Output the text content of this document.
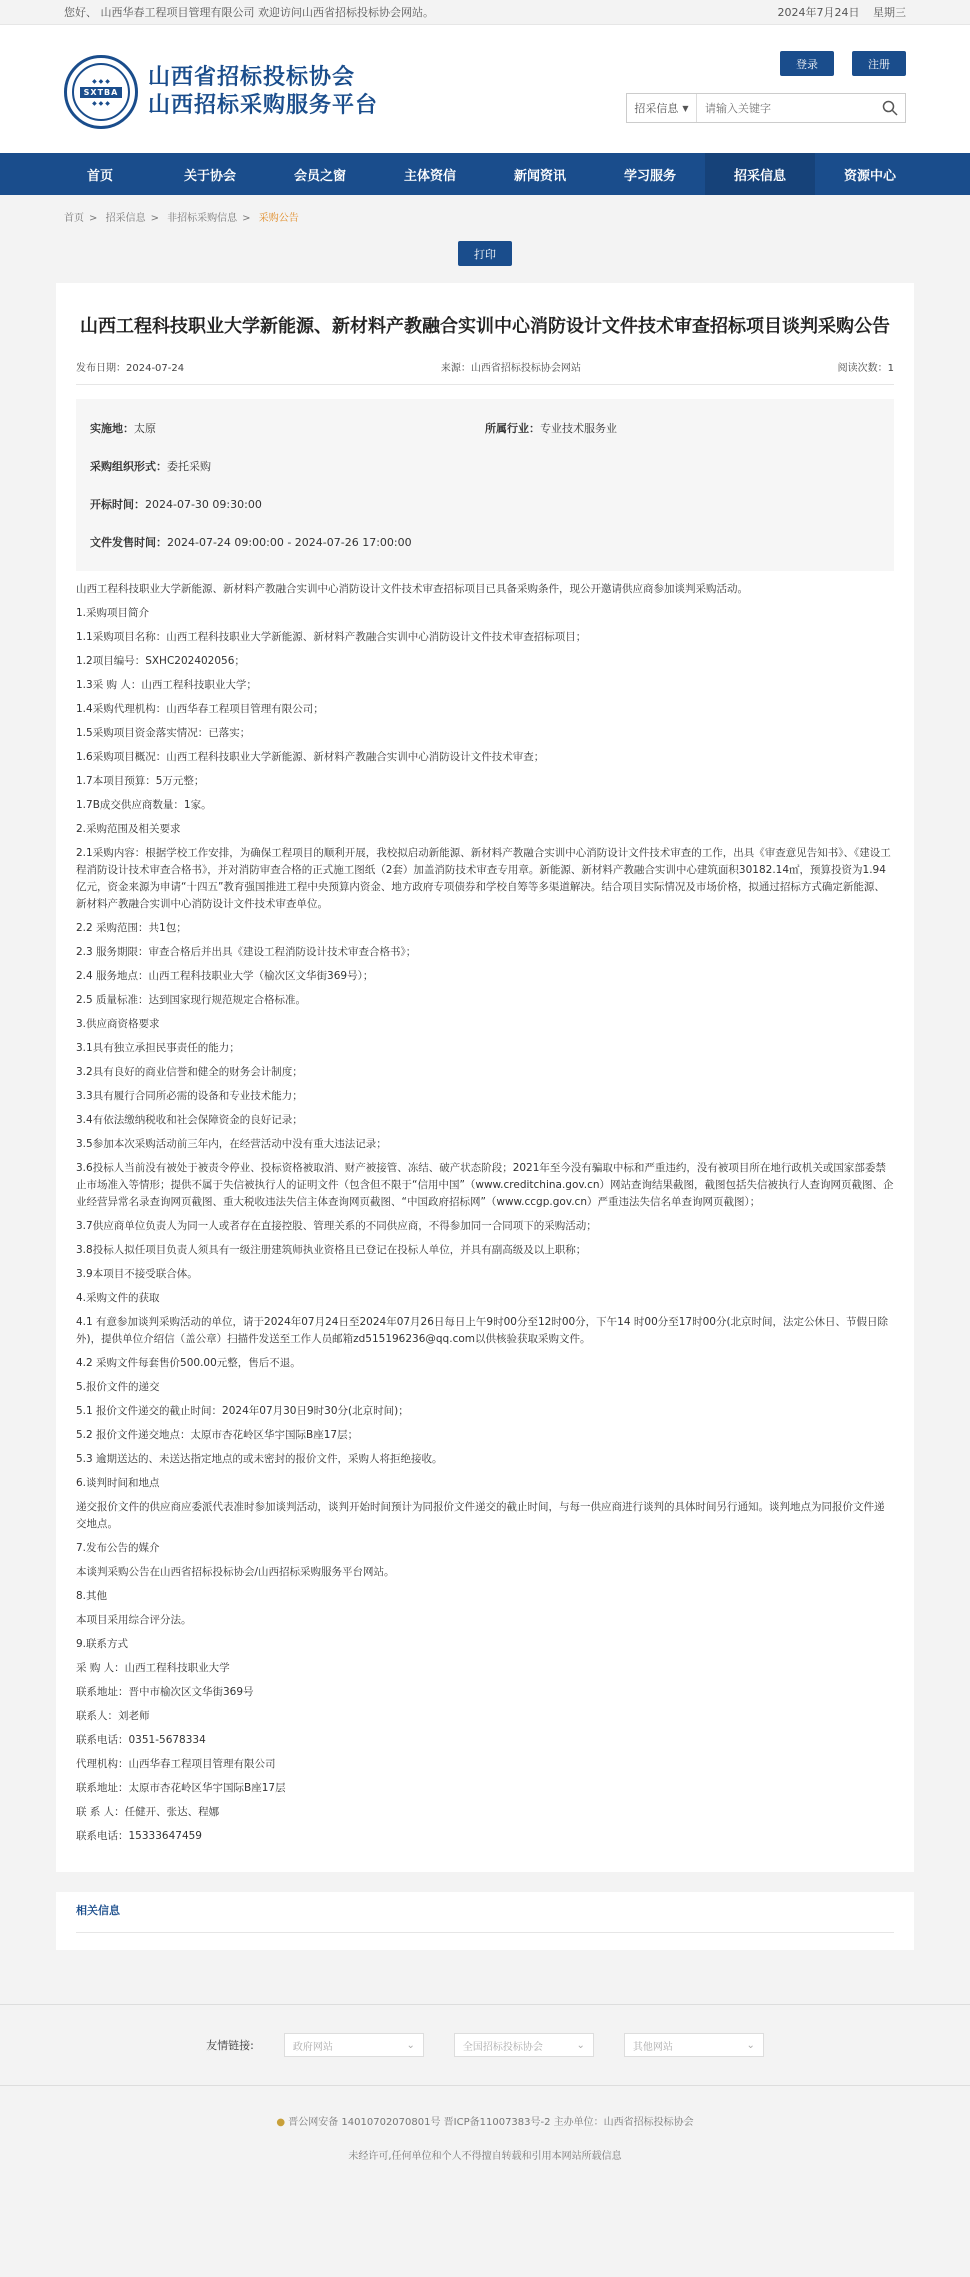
您好、 山西华春工程项目管理有限公司 欢迎访问山西省招标投标协会网站。	2024年7月24日 星期三
◆ ◆ ◆
SXTBA
◆ ◆ ◆
山西省招标投标协会
山西招标采购服务平台
登录	注册
招采信息 ▼
请输入关键字
首页	关于协会	会员之窗	主体资信	新闻资讯	学习服务	招采信息	资源中心
首页 > 招采信息 > 非招标采购信息 > 采购公告
打印
山西工程科技职业大学新能源、新材料产教融合实训中心消防设计文件技术审查招标项目谈判采购公告
发布日期：2024-07-24	来源：山西省招标投标协会网站	阅读次数：1
实施地：太原	所属行业：专业技术服务业
采购组织形式：委托采购
开标时间：2024-07-30 09:30:00
文件发售时间：2024-07-24 09:00:00 - 2024-07-26 17:00:00

山西工程科技职业大学新能源、新材料产教融合实训中心消防设计文件技术审查招标项目已具备采购条件，现公开邀请供应商参加谈判采购活动。

1.采购项目简介

1.1采购项目名称：山西工程科技职业大学新能源、新材料产教融合实训中心消防设计文件技术审查招标项目；

1.2项目编号：SXHC202402056；

1.3采 购 人：山西工程科技职业大学；

1.4采购代理机构：山西华春工程项目管理有限公司；

1.5采购项目资金落实情况：已落实；

1.6采购项目概况：山西工程科技职业大学新能源、新材料产教融合实训中心消防设计文件技术审查；

1.7本项目预算：5万元整；

1.7B成交供应商数量：1家。

2.采购范围及相关要求

2.1采购内容：根据学校工作安排，为确保工程项目的顺利开展，我校拟启动新能源、新材料产教融合实训中心消防设计文件技术审查的工作，出具《审查意见告知书》、《建设工程消防设计技术审查合格书》，并对消防审查合格的正式施工图纸（2套）加盖消防技术审查专用章。新能源、新材料产教融合实训中心建筑面积30182.14㎡，预算投资为1.94亿元，资金来源为申请“十四五”教育强国推进工程中央预算内资金、地方政府专项债券和学校自筹等多渠道解决。结合项目实际情况及市场价格，拟通过招标方式确定新能源、新材料产教融合实训中心消防设计文件技术审查单位。

2.2 采购范围：共1包；

2.3 服务期限：审查合格后并出具《建设工程消防设计技术审查合格书》；

2.4 服务地点：山西工程科技职业大学（榆次区文华街369号）；

2.5 质量标准：达到国家现行规范规定合格标准。

3.供应商资格要求

3.1具有独立承担民事责任的能力；

3.2具有良好的商业信誉和健全的财务会计制度；

3.3具有履行合同所必需的设备和专业技术能力；

3.4有依法缴纳税收和社会保障资金的良好记录；

3.5参加本次采购活动前三年内，在经营活动中没有重大违法记录；

3.6投标人当前没有被处于被责令停业、投标资格被取消、财产被接管、冻结、破产状态阶段；2021年至今没有骗取中标和严重违约，没有被项目所在地行政机关或国家部委禁止市场准入等情形；提供不属于失信被执行人的证明文件（包含但不限于“信用中国”（www.creditchina.gov.cn）网站查询结果截图，截图包括失信被执行人查询网页截图、企业经营异常名录查询网页截图、重大税收违法失信主体查询网页截图、“中国政府招标网”（www.ccgp.gov.cn）严重违法失信名单查询网页截图）；

3.7供应商单位负责人为同一人或者存在直接控股、管理关系的不同供应商，不得参加同一合同项下的采购活动；

3.8投标人拟任项目负责人须具有一级注册建筑师执业资格且已登记在投标人单位，并具有副高级及以上职称；

3.9本项目不接受联合体。

4.采购文件的获取

4.1 有意参加谈判采购活动的单位，请于2024年07月24日至2024年07月26日每日上午9时00分至12时00分，下午14 时00分至17时00分(北京时间，法定公休日、节假日除外)，提供单位介绍信（盖公章）扫描件发送至工作人员邮箱zd515196236@qq.com以供核验获取采购文件。

4.2 采购文件每套售价500.00元整，售后不退。

5.报价文件的递交

5.1 报价文件递交的截止时间：2024年07月30日9时30分(北京时间)；

5.2 报价文件递交地点：太原市杏花岭区华宇国际B座17层；

5.3 逾期送达的、未送达指定地点的或未密封的报价文件，采购人将拒绝接收。

6.谈判时间和地点

递交报价文件的供应商应委派代表准时参加谈判活动，谈判开始时间预计为同报价文件递交的截止时间，与每一供应商进行谈判的具体时间另行通知。谈判地点为同报价文件递交地点。

7.发布公告的媒介

本谈判采购公告在山西省招标投标协会/山西招标采购服务平台网站。

8.其他

本项目采用综合评分法。

9.联系方式

采 购 人：山西工程科技职业大学

联系地址：晋中市榆次区文华街369号

联系人：刘老师

联系电话：0351-5678334

代理机构：山西华春工程项目管理有限公司

联系地址：太原市杏花岭区华宇国际B座17层

联 系 人：任健开、张达、程娜

联系电话：15333647459

相关信息
友情链接:	政府网站	⌄	全国招标投标协会	⌄	其他网站	⌄
● 晋公网安备 14010702070801号 晋ICP备11007383号-2 主办单位：山西省招标投标协会
未经许可,任何单位和个人不得擅自转载和引用本网站所载信息
